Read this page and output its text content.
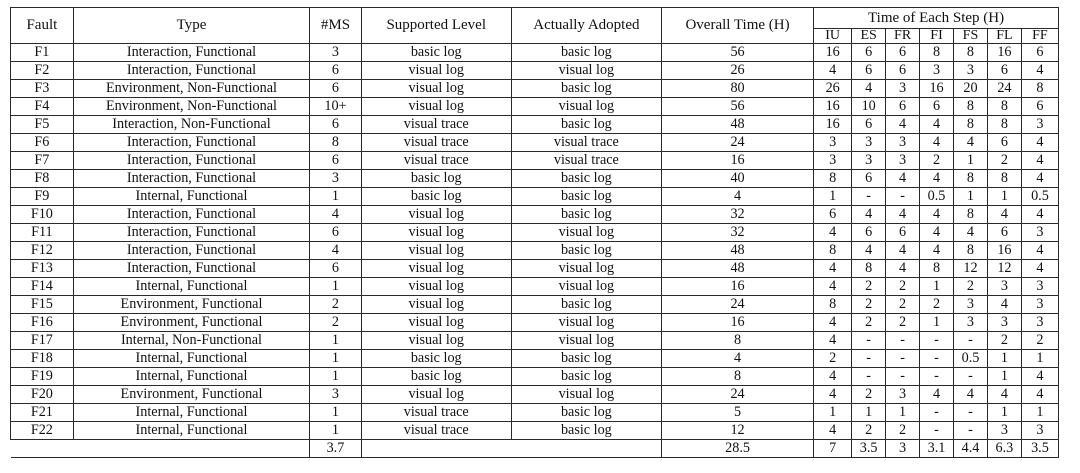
Fault	Type	#MS	Supported Level	Actually Adopted	Overall Time (H)	Time of Each Step (H)						
						IU	ES	FR	FI	FS	FL	FF
F1	Interaction, Functional	3	basic log	basic log	56	16	6	6	8	8	16	6
F2	Interaction, Functional	6	visual log	visual log	26	4	6	6	3	3	6	4
F3	Environment, Non-Functional	6	visual log	basic log	80	26	4	3	16	20	24	8
F4	Environment, Non-Functional	10+	visual log	visual log	56	16	10	6	6	8	8	6
F5	Interaction, Non-Functional	6	visual trace	basic log	48	16	6	4	4	8	8	3
F6	Interaction, Functional	8	visual trace	visual trace	24	3	3	3	4	4	6	4
F7	Interaction, Functional	6	visual trace	visual trace	16	3	3	3	2	1	2	4
F8	Interaction, Functional	3	basic log	basic log	40	8	6	4	4	8	8	4
F9	Internal, Functional	1	basic log	basic log	4	1	-	-	0.5	1	1	0.5
F10	Interaction, Functional	4	visual log	basic log	32	6	4	4	4	8	4	4
F11	Interaction, Functional	6	visual log	visual log	32	4	6	6	4	4	6	3
F12	Interaction, Functional	4	visual log	basic log	48	8	4	4	4	8	16	4
F13	Interaction, Functional	6	visual log	visual log	48	4	8	4	8	12	12	4
F14	Internal, Functional	1	visual log	visual log	16	4	2	2	1	2	3	3
F15	Environment, Functional	2	visual log	basic log	24	8	2	2	2	3	4	3
F16	Environment, Functional	2	visual log	visual log	16	4	2	2	1	3	3	3
F17	Internal, Non-Functional	1	visual log	visual log	8	4	-	-	-	-	2	2
F18	Internal, Functional	1	basic log	basic log	4	2	-	-	-	0.5	1	1
F19	Internal, Functional	1	basic log	basic log	8	4	-	-	-	-	1	4
F20	Environment, Functional	3	visual log	visual log	24	4	2	3	4	4	4	4
F21	Internal, Functional	1	visual trace	basic log	5	1	1	1	-	-	1	1
F22	Internal, Functional	1	visual trace	basic log	12	4	2	2	-	-	3	3
		3.7			28.5	7	3.5	3	3.1	4.4	6.3	3.5
